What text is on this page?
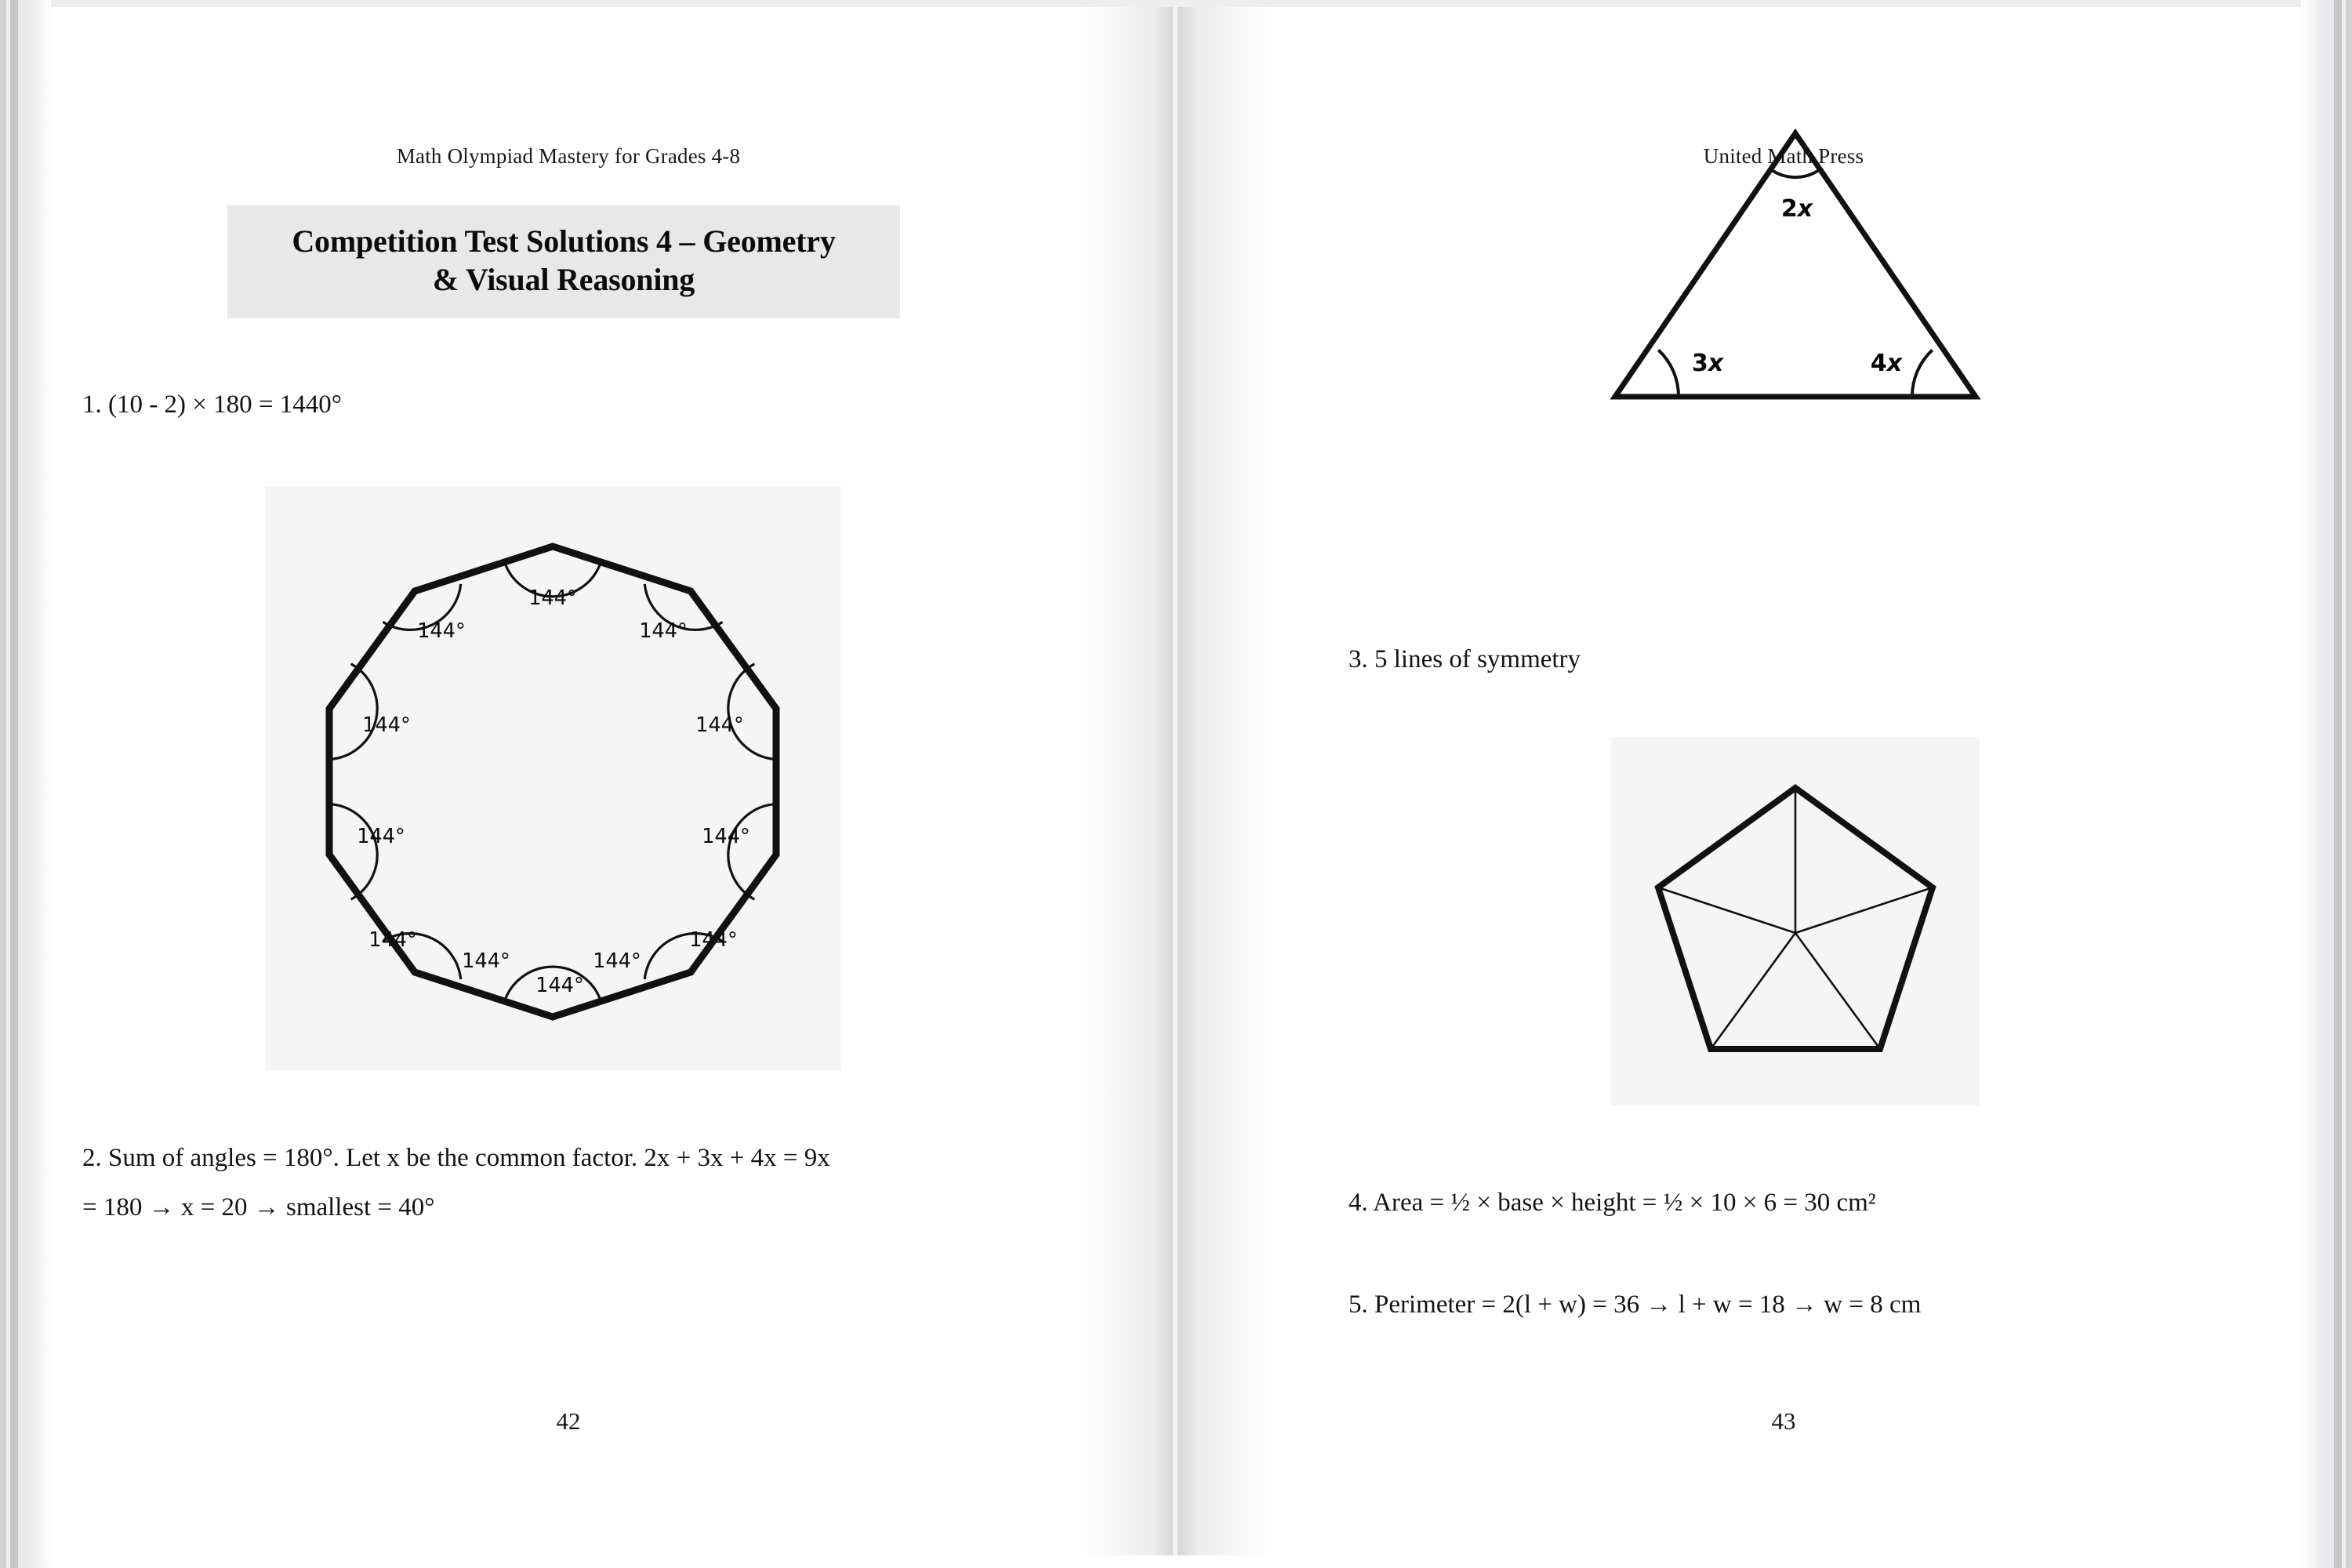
Math Olympiad Mastery for Grades 4-8
Competition Test Solutions 4 – Geometry
& Visual Reasoning
1. (10 - 2) × 180 = 1440°
144°
144°
144°
144°
144°
144°
144°
144°
144°
144°
144°
144°
2. Sum of angles = 180°. Let x be the common factor. 2x + 3x + 4x = 9x
= 180 → x = 20 → smallest = 40°
42
United Math Press
2x
3x	4x
3. 5 lines of symmetry
4. Area = ½ × base × height = ½ × 10 × 6 = 30 cm²
5. Perimeter = 2(l + w) = 36 → l + w = 18 → w = 8 cm
43
